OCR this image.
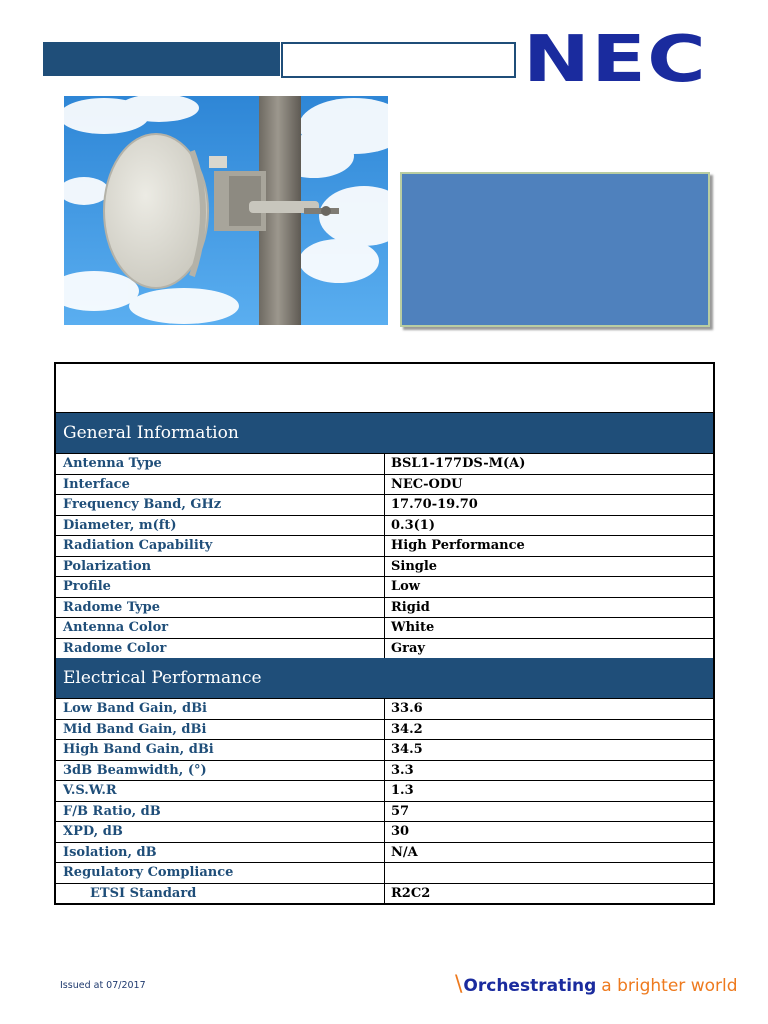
NEC
General Information
Antenna Type	BSL1-177DS-M(A)
Interface	NEC-ODU
Frequency Band, GHz	17.70-19.70
Diameter, m(ft)	0.3(1)
Radiation Capability	High Performance
Polarization	Single
Profile	Low
Radome Type	Rigid
Antenna Color	White
Radome Color	Gray
Electrical Performance
Low Band Gain, dBi	33.6
Mid Band Gain, dBi	34.2
High Band Gain, dBi	34.5
3dB Beamwidth, (°)	3.3
V.S.W.R	1.3
F/B Ratio, dB	57
XPD, dB	30
Isolation, dB	N/A
Regulatory Compliance
ETSI Standard	R2C2
Issued at 07/2017	\ Orchestrating a brighter world
